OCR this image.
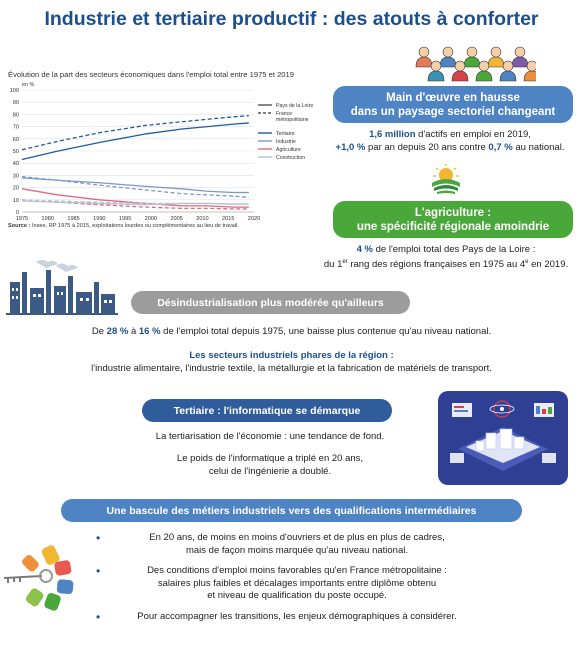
Industrie et tertiaire productif : des atouts à conforter
Évolution de la part des secteurs économiques dans l'emploi total entre 1975 et 2019
0
10
20
30
40
50
60
70
80
90
100
en %
1975 1980 1985 1990 1995 2000 2005 2010 2015 2020
Pays de la Loire
France
métropolitaine
Tertiaire
Industrie
Agriculture
Construction
Source : Insee, RP 1975 à 2015, exploitations lourdes ou complémentaires au lieu de travail.
Main d'œuvre en hausse
dans un paysage sectoriel changeant
1,6 million d'actifs en emploi en 2019,
+1,0 % par an depuis 20 ans contre 0,7 % au national.
L'agriculture :
une spécificité régionale amoindrie
4 % de l'emploi total des Pays de la Loire :
du 1er rang des régions françaises en 1975 au 4e en 2019.
Désindustrialisation plus modérée qu'ailleurs
De 28 % à 16 % de l'emploi total depuis 1975, une baisse plus contenue qu'au niveau national.
Les secteurs industriels phares de la région :
l'industrie alimentaire, l'industrie textile, la métallurgie et la fabrication de matériels de transport.
Tertiaire : l'informatique se démarque
La tertiarisation de l'économie : une tendance de fond.
Le poids de l'informatique a triplé en 20 ans,
celui de l'ingénierie a doublé.
Une bascule des métiers industriels vers des qualifications intermédiaires
• En 20 ans, de moins en moins d'ouvriers et de plus en plus de cadres,
mais de façon moins marquée qu'au niveau national.
• Des conditions d'emploi moins favorables qu'en France métropolitaine :
salaires plus faibles et décalages importants entre diplôme obtenu
et niveau de qualification du poste occupé.
• Pour accompagner les transitions, les enjeux démographiques à considérer.
